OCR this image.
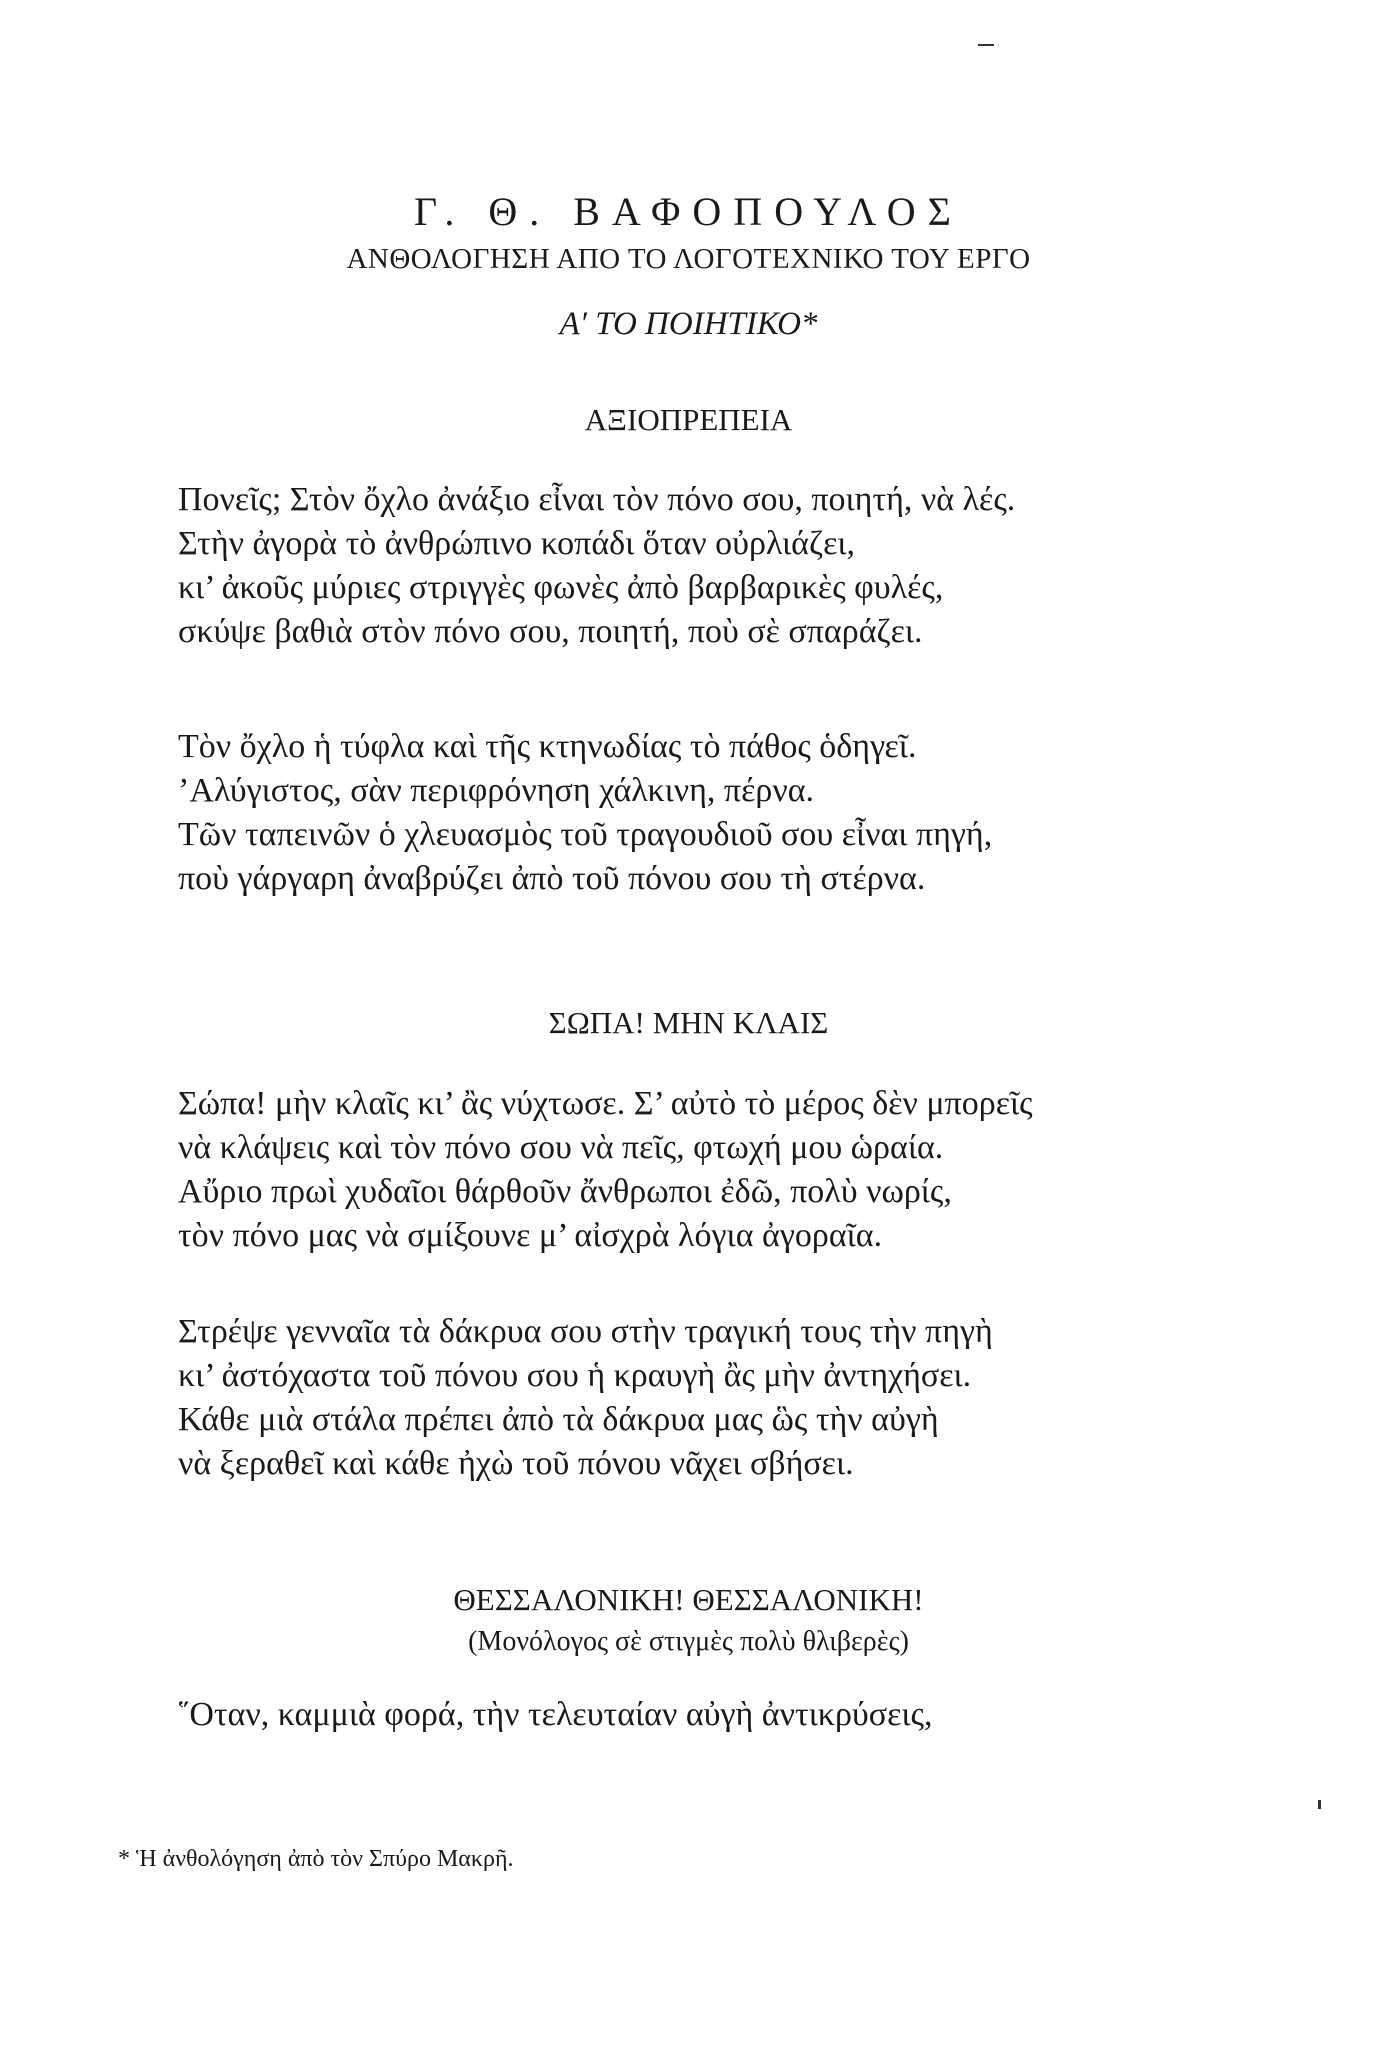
Γ. Θ. ΒΑΦΟΠΟΥΛΟΣ
ΑΝΘΟΛΟΓΗΣΗ ΑΠΟ ΤΟ ΛΟΓΟΤΕΧΝΙΚΟ ΤΟΥ ΕΡΓΟ
Α′ ΤΟ ΠΟΙΗΤΙΚΟ*
ΑΞΙΟΠΡΕΠΕΙΑ
Πονεῖς; Στὸν ὄχλο ἀνάξιο εἶναι τὸν πόνο σου, ποιητή, νὰ λές.
Στὴν ἀγορὰ τὸ ἀνθρώπινο κοπάδι ὅταν οὐρλιάζει,
κι’ ἀκοῦς μύριες στριγγὲς φωνὲς ἀπὸ βαρβαρικὲς φυλές,
σκύψε βαθιὰ στὸν πόνο σου, ποιητή, ποὺ σὲ σπαράζει.
Τὸν ὄχλο ἡ τύφλα καὶ τῆς κτηνωδίας τὸ πάθος ὁδηγεῖ.
’Αλύγιστος, σὰν περιφρόνηση χάλκινη, πέρνα.
Τῶν ταπεινῶν ὁ χλευασμὸς τοῦ τραγουδιοῦ σου εἶναι πηγή,
ποὺ γάργαρη ἀναβρύζει ἀπὸ τοῦ πόνου σου τὴ στέρνα.
ΣΩΠΑ! ΜΗΝ ΚΛΑΙΣ
Σώπα! μὴν κλαῖς κι’ ἂς νύχτωσε. Σ’ αὐτὸ τὸ μέρος δὲν μπορεῖς
νὰ κλάψεις καὶ τὸν πόνο σου νὰ πεῖς, φτωχή μου ὡραία.
Αὔριο πρωὶ χυδαῖοι θάρθοῦν ἄνθρωποι ἐδῶ, πολὺ νωρίς,
τὸν πόνο μας νὰ σμίξουνε μ’ αἰσχρὰ λόγια ἀγοραῖα.
Στρέψε γενναῖα τὰ δάκρυα σου στὴν τραγική τους τὴν πηγὴ
κι’ ἀστόχαστα τοῦ πόνου σου ἡ κραυγὴ ἂς μὴν ἀντηχήσει.
Κάθε μιὰ στάλα πρέπει ἀπὸ τὰ δάκρυα μας ὣς τὴν αὐγὴ
νὰ ξεραθεῖ καὶ κάθε ἠχὼ τοῦ πόνου νᾶχει σβήσει.
ΘΕΣΣΑΛΟΝΙΚΗ! ΘΕΣΣΑΛΟΝΙΚΗ!
(Μονόλογος σὲ στιγμὲς πολὺ θλιβερὲς)
῞Οταν, καμμιὰ φορά, τὴν τελευταίαν αὐγὴ ἀντικρύσεις,
* Ἡ ἀνθολόγηση ἀπὸ τὸν Σπύρο Μακρῆ.
